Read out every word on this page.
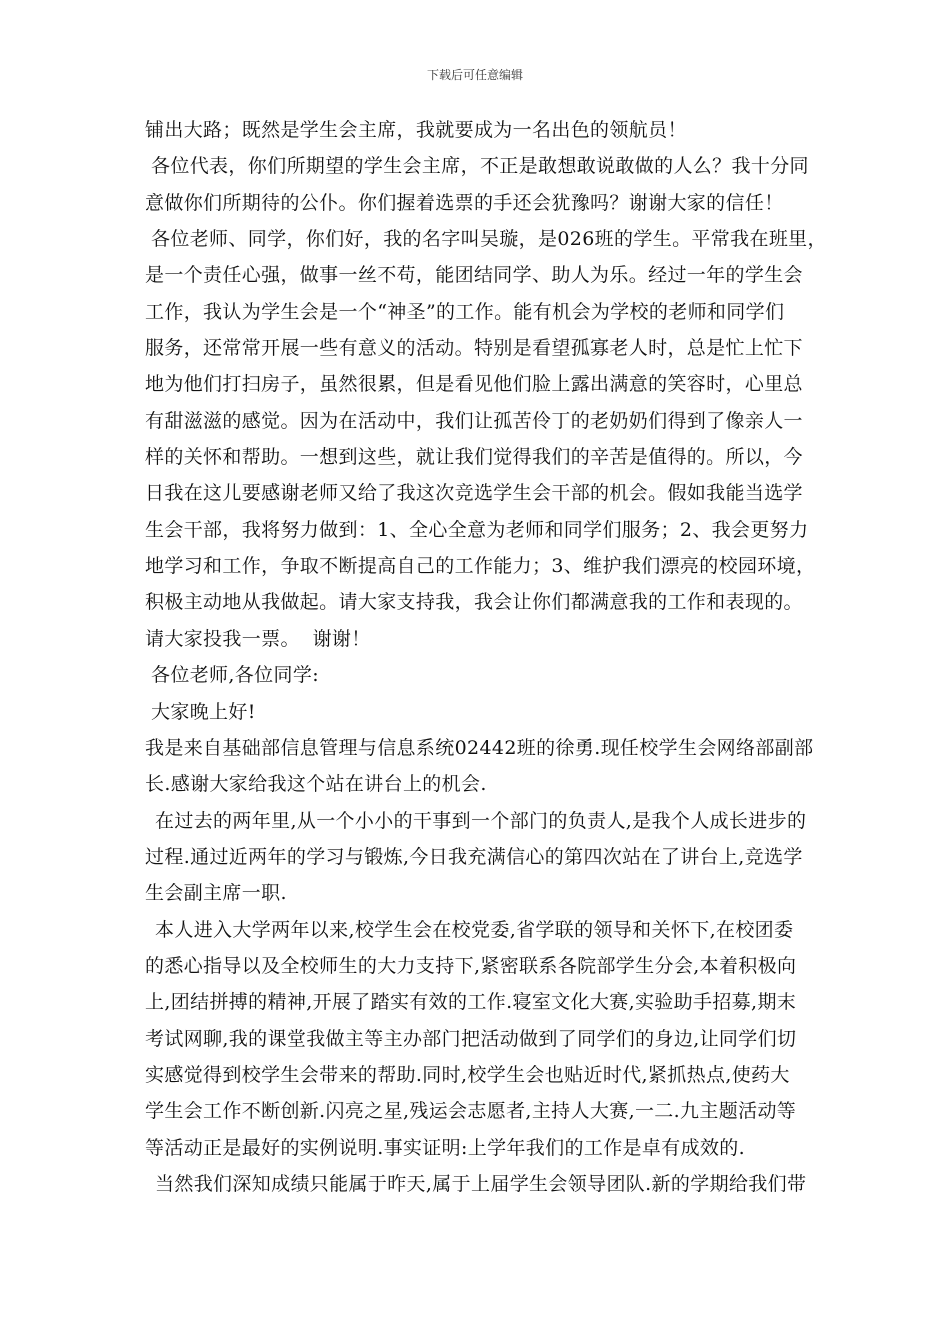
下载后可任意编辑
铺出大路；既然是学生会主席，我就要成为一名出色的领航员！
各位代表，你们所期望的学生会主席，不正是敢想敢说敢做的人么？我十分同
意做你们所期待的公仆。你们握着选票的手还会犹豫吗？谢谢大家的信任！
各位老师、同学，你们好，我的名字叫吴璇，是026班的学生。平常我在班里，
是一个责任心强，做事一丝不苟，能团结同学、助人为乐。经过一年的学生会
工作，我认为学生会是一个“神圣”的工作。能有机会为学校的老师和同学们
服务，还常常开展一些有意义的活动。特别是看望孤寡老人时，总是忙上忙下
地为他们打扫房子，虽然很累，但是看见他们脸上露出满意的笑容时，心里总
有甜滋滋的感觉。因为在活动中，我们让孤苦伶丁的老奶奶们得到了像亲人一
样的关怀和帮助。一想到这些，就让我们觉得我们的辛苦是值得的。所以，今
日我在这儿要感谢老师又给了我这次竞选学生会干部的机会。假如我能当选学
生会干部，我将努力做到：1、全心全意为老师和同学们服务；2、我会更努力
地学习和工作，争取不断提高自己的工作能力；3、维护我们漂亮的校园环境，
积极主动地从我做起。请大家支持我，我会让你们都满意我的工作和表现的。
请大家投我一票。  谢谢！
各位老师,各位同学:
大家晚上好!
我是来自基础部信息管理与信息系统02442班的徐勇.现任校学生会网络部副部
长.感谢大家给我这个站在讲台上的机会.
在过去的两年里,从一个小小的干事到一个部门的负责人,是我个人成长进步的
过程.通过近两年的学习与锻炼,今日我充满信心的第四次站在了讲台上,竞选学
生会副主席一职.
本人进入大学两年以来,校学生会在校党委,省学联的领导和关怀下,在校团委
的悉心指导以及全校师生的大力支持下,紧密联系各院部学生分会,本着积极向
上,团结拼搏的精神,开展了踏实有效的工作.寝室文化大赛,实验助手招募,期末
考试网聊,我的课堂我做主等主办部门把活动做到了同学们的身边,让同学们切
实感觉得到校学生会带来的帮助.同时,校学生会也贴近时代,紧抓热点,使药大
学生会工作不断创新.闪亮之星,残运会志愿者,主持人大赛,一二.九主题活动等
等活动正是最好的实例说明.事实证明:上学年我们的工作是卓有成效的.
当然我们深知成绩只能属于昨天,属于上届学生会领导团队.新的学期给我们带
